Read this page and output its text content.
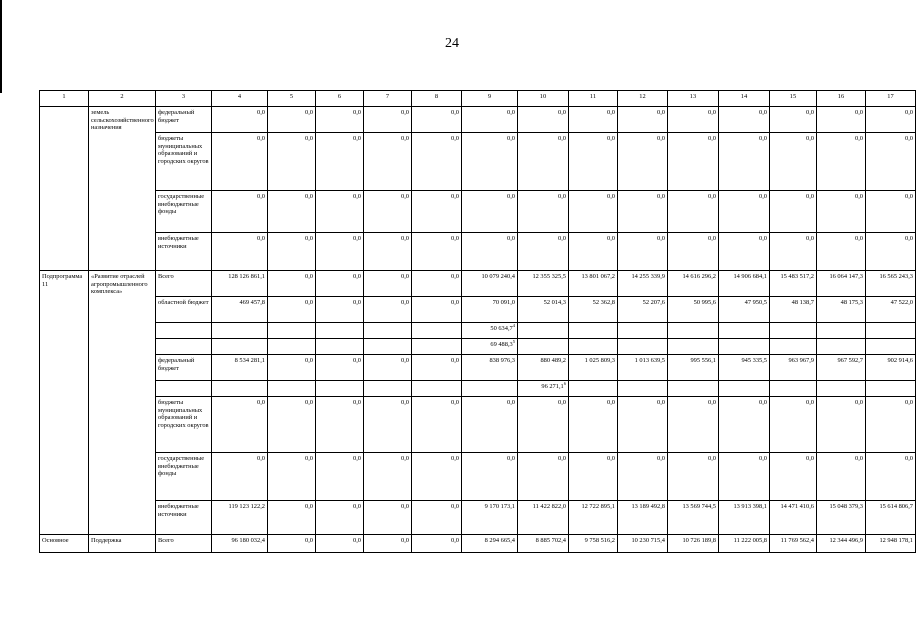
24
1	2	3	4	5	6	7	8	9	10	11	12	13	14	15	16	17
	земель сельскохозяйственного назначения	федеральный бюджет	0,0	0,0	0,0	0,0	0,0	0,0	0,0	0,0	0,0	0,0	0,0	0,0	0,0	0,0
		бюджеты муниципальных образований и городских округов	0,0	0,0	0,0	0,0	0,0	0,0	0,0	0,0	0,0	0,0	0,0	0,0	0,0	0,0
		государственные внебюджетные фонды	0,0	0,0	0,0	0,0	0,0	0,0	0,0	0,0	0,0	0,0	0,0	0,0	0,0	0,0
		внебюджетные источники	0,0	0,0	0,0	0,0	0,0	0,0	0,0	0,0	0,0	0,0	0,0	0,0	0,0	0,0
Подпрограмма 11	«Развитие отраслей агропромышленного комплекса»	Всего	128 126 861,1	0,0	0,0	0,0	0,0	10 079 240,4	12 355 325,5	13 801 067,2	14 255 339,9	14 616 296,2	14 906 684,1	15 483 517,2	16 064 147,3	16 565 243,3
		областной бюджет	469 457,8	0,0	0,0	0,0	0,0	70 091,0	52 014,3	52 362,8	52 207,6	50 995,6	47 950,5	48 138,7	48 175,3	47 522,0
								50 634,7$^4$								
								69 488,3$^5$								
		федеральный бюджет	8 534 281,1	0,0	0,0	0,0	0,0	838 976,3	880 489,2	1 025 809,3	1 013 639,5	995 556,1	945 335,5	963 967,9	967 592,7	902 914,6
									96 271,1$^6$							
		бюджеты муниципальных образований и городских округов	0,0	0,0	0,0	0,0	0,0	0,0	0,0	0,0	0,0	0,0	0,0	0,0	0,0	0,0
		государственные внебюджетные фонды	0,0	0,0	0,0	0,0	0,0	0,0	0,0	0,0	0,0	0,0	0,0	0,0	0,0	0,0
		внебюджетные источники	119 123 122,2	0,0	0,0	0,0	0,0	9 170 173,1	11 422 822,0	12 722 895,1	13 189 492,8	13 569 744,5	13 913 398,1	14 471 410,6	15 048 379,3	15 614 806,7
Основное	Поддержка	Всего	96 180 032,4	0,0	0,0	0,0	0,0	8 294 665,4	8 885 702,4	9 758 516,2	10 230 715,4	10 726 189,8	11 222 005,8	11 769 562,4	12 344 496,9	12 948 178,1
